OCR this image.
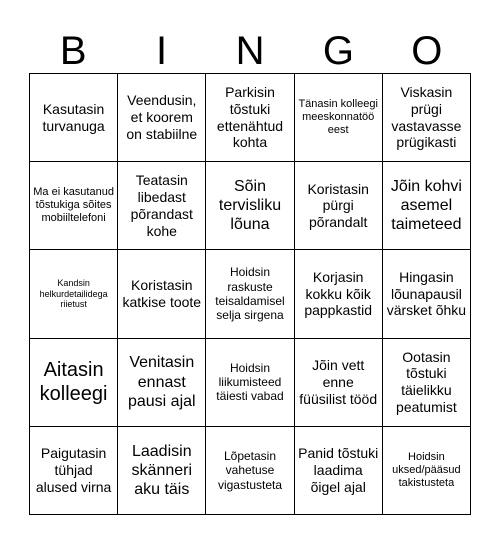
B	I	N	G	O
Kasutasin turvanuga
Veendusin, et koorem on stabiilne
Parkisin tõstuki ettenähtud kohta
Tänasin kolleegi meeskonnatöö eest
Viskasin prügi vastavasse prügikasti
Ma ei kasutanud tõstukiga sõites mobiiltelefoni
Teatasin libedast põrandast kohe
Sõin tervisliku lõuna
Koristasin pürgi põrandalt
Jõin kohvi asemel taimeteed
Kandsin helkurdetailidega riietust
Koristasin katkise toote
Hoidsin raskuste teisaldamisel selja sirgena
Korjasin kokku kõik pappkastid
Hingasin lõunapausil värsket õhku
Aitasin kolleegi
Venitasin ennast pausi ajal
Hoidsin liikumisteed täiesti vabad
Jõin vett enne füüsilist tööd
Ootasin tõstuki täielikku peatumist
Paigutasin tühjad alused virna
Laadisin skänneri aku täis
Lõpetasin vahetuse vigastusteta
Panid tõstuki laadima õigel ajal
Hoidsin uksed/pääsud takistusteta
